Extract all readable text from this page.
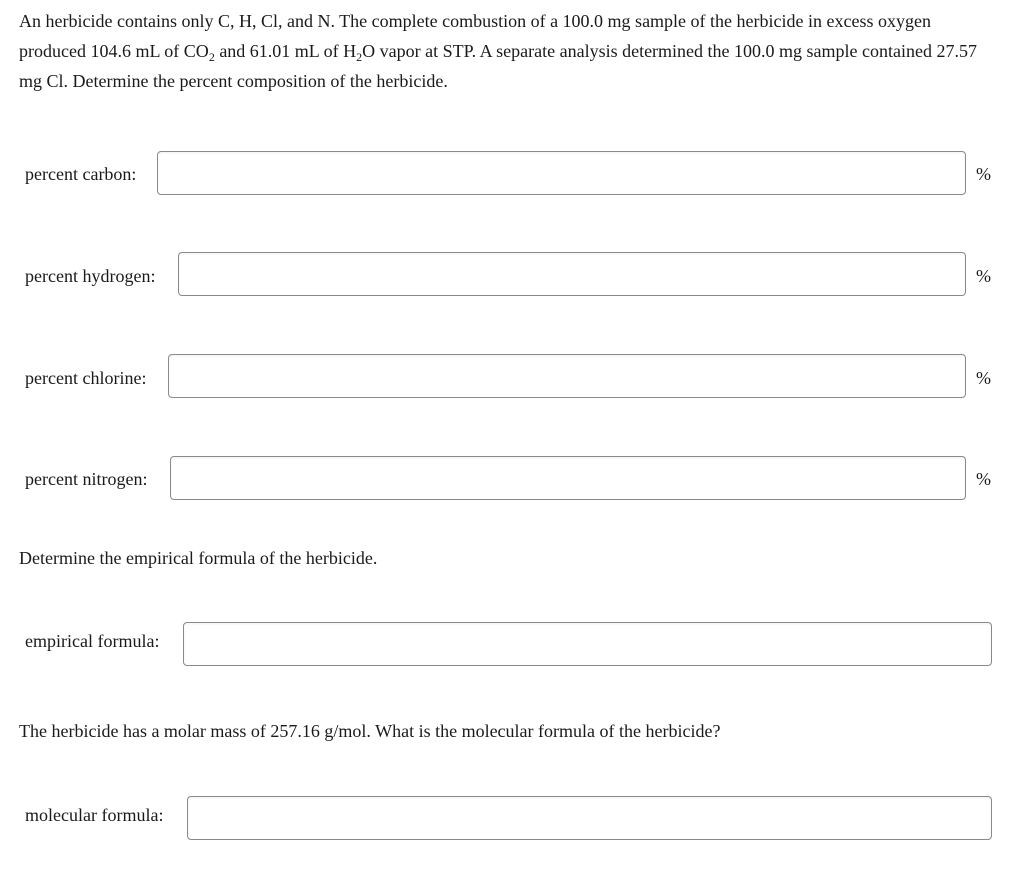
An herbicide contains only C, H, Cl, and N. The complete combustion of a 100.0 mg sample of the herbicide in excess oxygen produced 104.6 mL of $CO_2$ and 61.01 mL of $H_2O$ vapor at STP. A separate analysis determined the 100.0 mg sample contained 27.57 mg Cl. Determine the percent composition of the herbicide.

percent carbon:	%
percent hydrogen:	%
percent chlorine:	%
percent nitrogen:	%

Determine the empirical formula of the herbicide.

empirical formula:

The herbicide has a molar mass of 257.16 g/mol. What is the molecular formula of the herbicide?

molecular formula:
